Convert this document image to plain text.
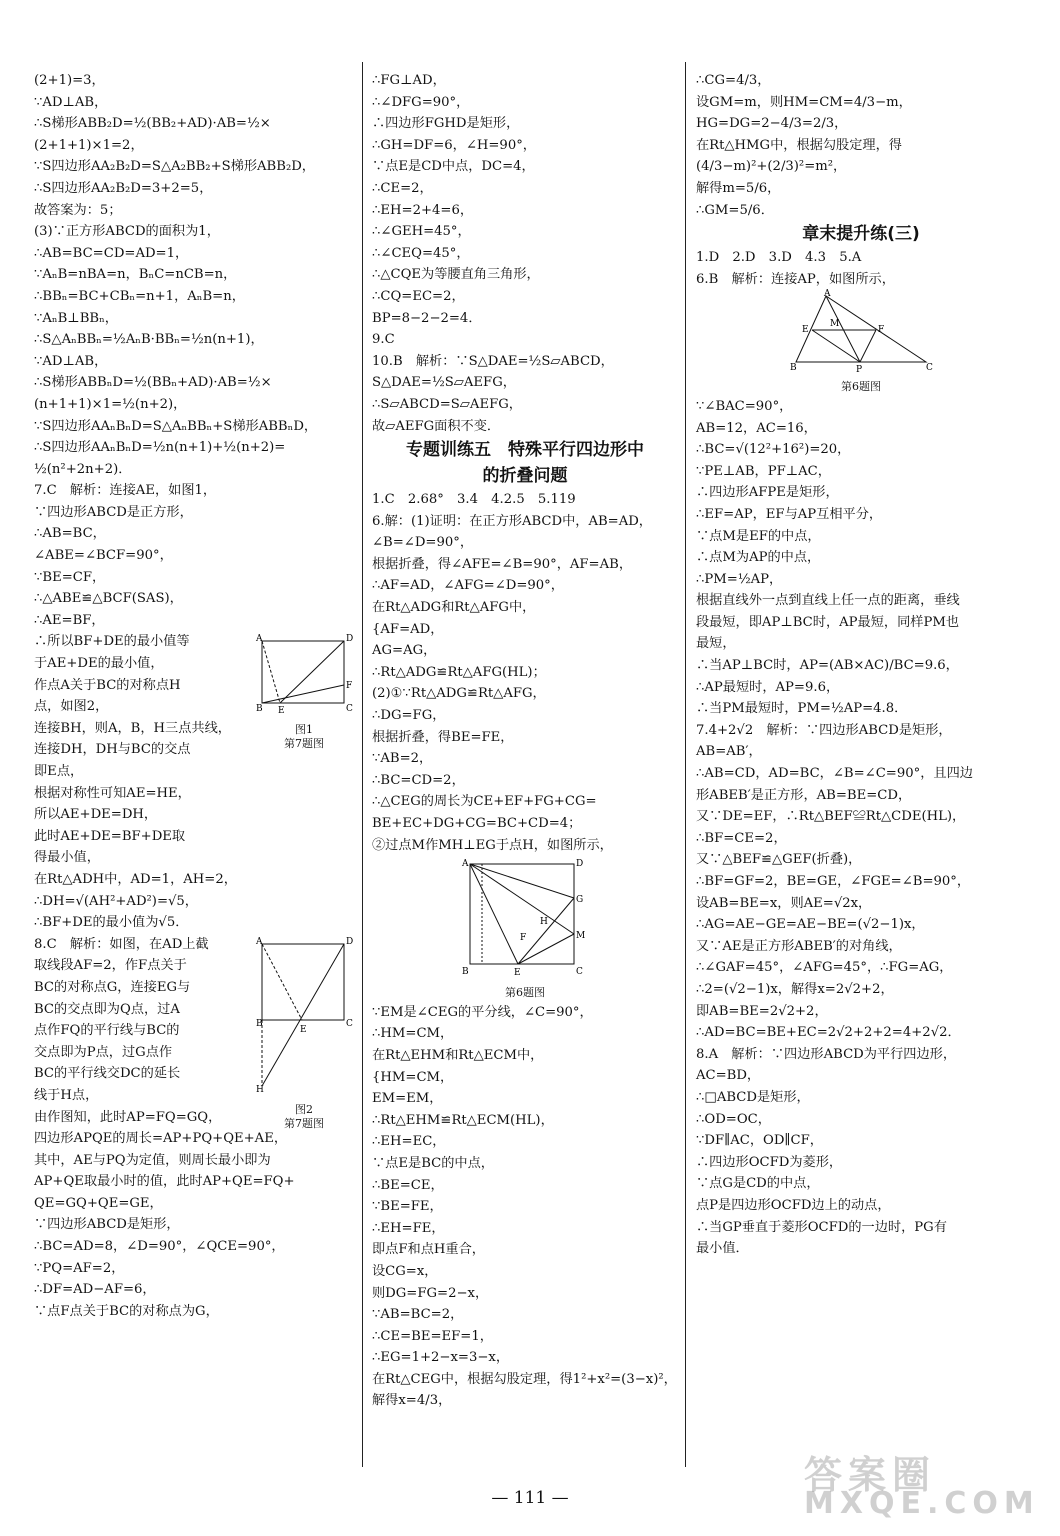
(2+1)=3，
∵AD⊥AB，
∴S梯形ABB₂D=½(BB₂+AD)·AB=½×
(2+1+1)×1=2，
∵S四边形AA₂B₂D=S△A₂BB₂+S梯形ABB₂D，
∴S四边形AA₂B₂D=3+2=5，
故答案为：5；
(3)∵正方形ABCD的面积为1，
∴AB=BC=CD=AD=1，
∵AₙB=nBA=n，BₙC=nCB=n，
∴BBₙ=BC+CBₙ=n+1，AₙB=n，
∵AₙB⊥BBₙ，
∴S△AₙBBₙ=½AₙB·BBₙ=½n(n+1)，
∵AD⊥AB，
∴S梯形ABBₙD=½(BBₙ+AD)·AB=½×
(n+1+1)×1=½(n+2)，
∵S四边形AAₙBₙD=S△AₙBBₙ+S梯形ABBₙD，
∴S四边形AAₙBₙD=½n(n+1)+½(n+2)=
½(n²+2n+2)．
7.C　解析：连接AE，如图1，
∵四边形ABCD是正方形，
∴AB=BC，
∠ABE=∠BCF=90°，
∵BE=CF，
∴△ABE≌△BCF(SAS)，
∴AE=BF，
A	D
B	C
E
F
图1
第7题图
∴所以BF+DE的最小值等
于AE+DE的最小值，
作点A关于BC的对称点H
点，如图2，
连接BH，则A，B，H三点共线，
连接DH，DH与BC的交点
即E点，
根据对称性可知AE=HE，
所以AE+DE=DH，
此时AE+DE=BF+DE取
得最小值，
在Rt△ADH中，AD=1，AH=2，
∴DH=√(AH²+AD²)=√5，
∴BF+DE的最小值为√5．
A	D
B	C
E
H
图2
第7题图
8.C　解析：如图，在AD上截
取线段AF=2，作F点关于
BC的对称点G，连接EG与
BC的交点即为Q点，过A
点作FQ的平行线与BC的
交点即为P点，过G点作
BC的平行线交DC的延长
线于H点，
由作图知，此时AP=FQ=GQ，
四边形APQE的周长=AP+PQ+QE+AE，
其中，AE与PQ为定值，则周长最小即为
AP+QE取最小时的值，此时AP+QE=FQ+
QE=GQ+QE=GE，
∵四边形ABCD是矩形，
∴BC=AD=8，∠D=90°，∠QCE=90°，
∵PQ=AF=2，
∴DF=AD−AF=6，
∵点F点关于BC的对称点为G，
∴FG⊥AD，
∴∠DFG=90°，
∴四边形FGHD是矩形，
∴GH=DF=6，∠H=90°，
∵点E是CD中点，DC=4，
∴CE=2，
∴EH=2+4=6，
∴∠GEH=45°，
∴∠CEQ=45°，
∴△CQE为等腰直角三角形，
∴CQ=EC=2，
BP=8−2−2=4．
9.C
10.B　解析：∵S△DAE=½S▱ABCD，
S△DAE=½S▱AEFG，
∴S▱ABCD=S▱AEFG，
故▱AEFG面积不变．
专题训练五　特殊平行四边形中
的折叠问题
1.C　2.68°　3.4　4.2.5　5.119
6.解：(1)证明：在正方形ABCD中，AB=AD，
∠B=∠D=90°，
根据折叠，得∠AFE=∠B=90°，AF=AB，
∴AF=AD，∠AFG=∠D=90°，
在Rt△ADG和Rt△AFG中，
{AF=AD，
AG=AG，
∴Rt△ADG≌Rt△AFG(HL)；
(2)①∵Rt△ADG≌Rt△AFG，
∴DG=FG，
根据折叠，得BE=FE，
∵AB=2，
∴BC=CD=2，
∴△CEG的周长为CE+EF+FG+CG=
BE+EC+DG+CG=BC+CD=4；
②过点M作MH⊥EG于点H，如图所示，
A	D
B	C
E
G
M
H
F
第6题图
∵EM是∠CEG的平分线，∠C=90°，
∴HM=CM，
在Rt△EHM和Rt△ECM中，
{HM=CM，
EM=EM，
∴Rt△EHM≌Rt△ECM(HL)，
∴EH=EC，
∵点E是BC的中点，
∴BE=CE，
∵BE=FE，
∴EH=FE，
即点F和点H重合，
设CG=x，
则DG=FG=2−x，
∵AB=BC=2，
∴CE=BE=EF=1，
∴EG=1+2−x=3−x，
在Rt△CEG中，根据勾股定理，得1²+x²=(3−x)²，
解得x=4/3，
∴CG=4/3，
设GM=m，则HM=CM=4/3−m，
HG=DG=2−4/3=2/3，
在Rt△HMG中，根据勾股定理，得
(4/3−m)²+(2/3)²=m²，
解得m=5/6，
∴GM=5/6．
章末提升练(三)
1.D　2.D　3.D　4.3　5.A
6.B　解析：连接AP，如图所示，
A
B	C
E	F
M
P
第6题图
∵∠BAC=90°，
AB=12，AC=16，
∴BC=√(12²+16²)=20，
∵PE⊥AB，PF⊥AC，
∴四边形AFPE是矩形，
∴EF=AP，EF与AP互相平分，
∵点M是EF的中点，
∴点M为AP的中点，
∴PM=½AP，
根据直线外一点到直线上任一点的距离，垂线
段最短，即AP⊥BC时，AP最短，同样PM也
最短，
∴当AP⊥BC时，AP=(AB×AC)/BC=9.6，
∴AP最短时，AP=9.6，
∴当PM最短时，PM=½AP=4.8．
7.4+2√2　解析：∵四边形ABCD是矩形，
AB=AB′，
∴AB=CD，AD=BC，∠B=∠C=90°，且四边
形ABEB′是正方形，AB=BE=CD，
又∵DE=EF，∴Rt△BEF≌Rt△CDE(HL)，
∴BF=CE=2，
又∵△BEF≌△GEF(折叠)，
∴BF=GF=2，BE=GE，∠FGE=∠B=90°，
设AB=BE=x，则AE=√2x，
∴AG=AE−GE=AE−BE=(√2−1)x，
又∵AE是正方形ABEB′的对角线，
∴∠GAF=45°，∠AFG=45°，∴FG=AG，
∴2=(√2−1)x，解得x=2√2+2，
即AB=BE=2√2+2，
∴AD=BC=BE+EC=2√2+2+2=4+2√2．
8.A　解析：∵四边形ABCD为平行四边形，
AC=BD，
∴□ABCD是矩形，
∴OD=OC，
∵DF∥AC，OD∥CF，
∴四边形OCFD为菱形，
∵点G是CD的中点，
点P是四边形OCFD边上的动点，
∴当GP垂直于菱形OCFD的一边时，PG有
最小值．
— 111 —
答案圈
MXQE.COM
